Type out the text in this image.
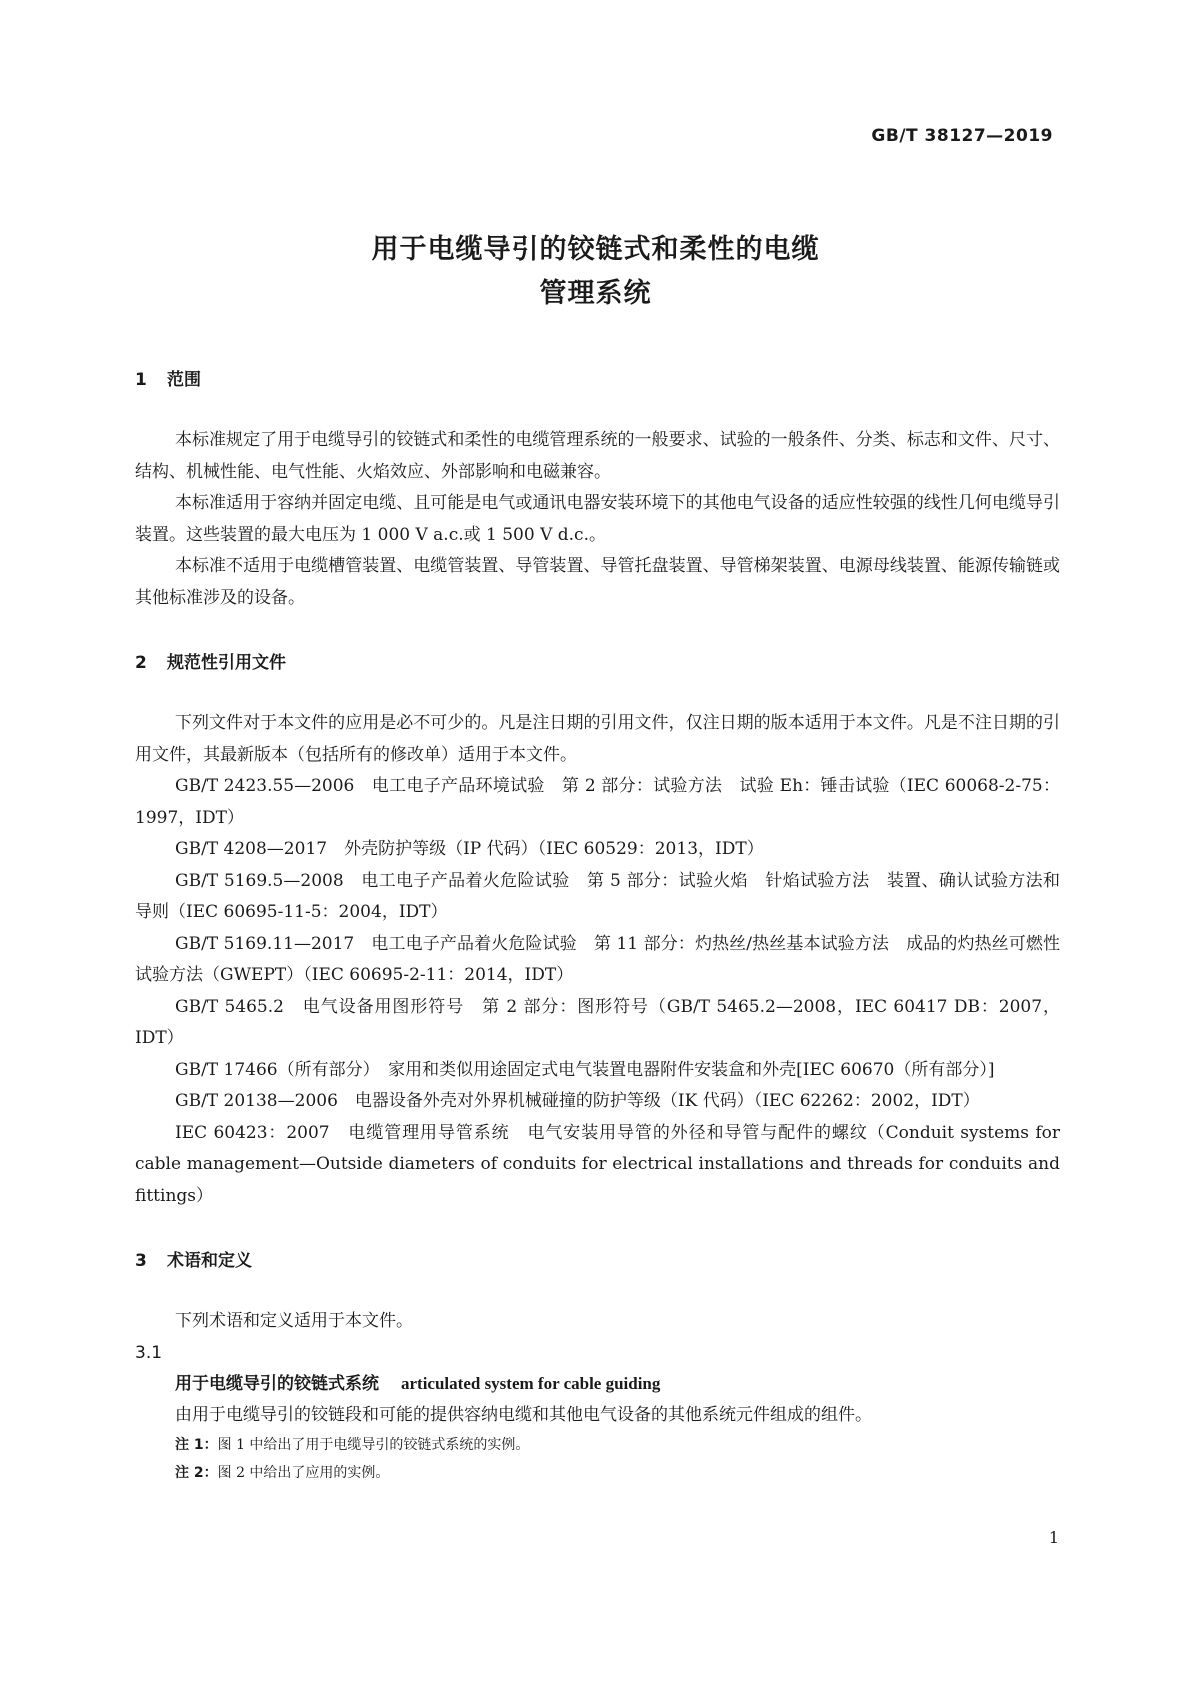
GB/T 38127—2019
用于电缆导引的铰链式和柔性的电缆
管理系统
1 范围

本标准规定了用于电缆导引的铰链式和柔性的电缆管理系统的一般要求、试验的一般条件、分类、标志和文件、尺寸、结构、机械性能、电气性能、火焰效应、外部影响和电磁兼容。

本标准适用于容纳并固定电缆、且可能是电气或通讯电器安装环境下的其他电气设备的适应性较强的线性几何电缆导引装置。这些装置的最大电压为 1 000 V a.c.或 1 500 V d.c.。

本标准不适用于电缆槽管装置、电缆管装置、导管装置、导管托盘装置、导管梯架装置、电源母线装置、能源传输链或其他标准涉及的设备。

2 规范性引用文件

下列文件对于本文件的应用是必不可少的。凡是注日期的引用文件，仅注日期的版本适用于本文件。凡是不注日期的引用文件，其最新版本（包括所有的修改单）适用于本文件。

GB/T 2423.55—2006　电工电子产品环境试验　第 2 部分：试验方法　试验 Eh：锤击试验（IEC 60068-2-75：1997，IDT）

GB/T 4208—2017　外壳防护等级（IP 代码）（IEC 60529：2013，IDT）

GB/T 5169.5—2008　电工电子产品着火危险试验　第 5 部分：试验火焰　针焰试验方法　装置、确认试验方法和导则（IEC 60695-11-5：2004，IDT）

GB/T 5169.11—2017　电工电子产品着火危险试验　第 11 部分：灼热丝/热丝基本试验方法　成品的灼热丝可燃性试验方法（GWEPT）（IEC 60695-2-11：2014，IDT）

GB/T 5465.2　电气设备用图形符号　第 2 部分：图形符号（GB/T 5465.2—2008，IEC 60417 DB：2007，IDT）

GB/T 17466（所有部分）　家用和类似用途固定式电气装置电器附件安装盒和外壳[IEC 60670（所有部分）]

GB/T 20138—2006　电器设备外壳对外界机械碰撞的防护等级（IK 代码）（IEC 62262：2002，IDT）

IEC 60423：2007　电缆管理用导管系统　电气安装用导管的外径和导管与配件的螺纹（Conduit systems for cable management—Outside diameters of conduits for electrical installations and threads for conduits and fittings）

3 术语和定义

下列术语和定义适用于本文件。

3.1
用于电缆导引的铰链式系统 articulated system for cable guiding

由用于电缆导引的铰链段和可能的提供容纳电缆和其他电气设备的其他系统元件组成的组件。

注 1：图 1 中给出了用于电缆导引的铰链式系统的实例。
注 2：图 2 中给出了应用的实例。
1
